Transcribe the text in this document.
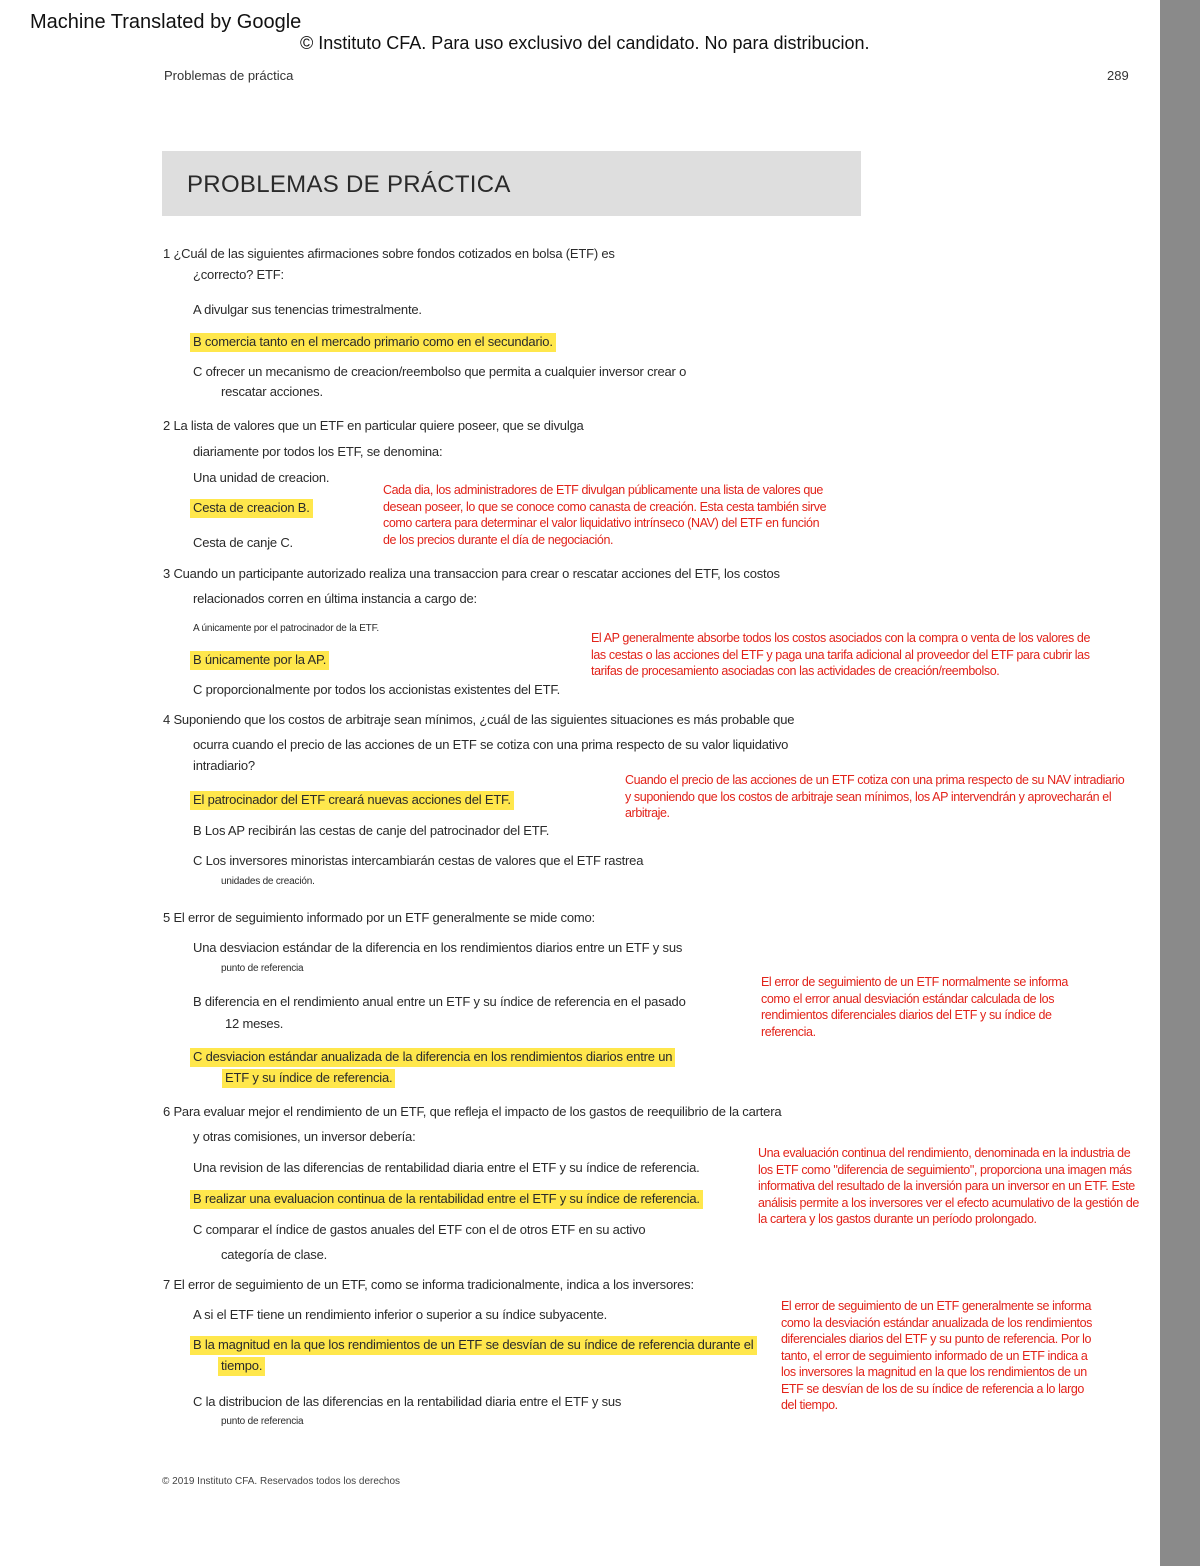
Machine Translated by Google
© Instituto CFA. Para uso exclusivo del candidato. No para distribucion.
Problemas de práctica	289
PROBLEMAS DE PRÁCTICA
1 ¿Cuál de las siguientes afirmaciones sobre fondos cotizados en bolsa (ETF) es
¿correcto? ETF:
A divulgar sus tenencias trimestralmente.
B comercia tanto en el mercado primario como en el secundario.
C ofrecer un mecanismo de creacion/reembolso que permita a cualquier inversor crear o
rescatar acciones.
2 La lista de valores que un ETF en particular quiere poseer, que se divulga
diariamente por todos los ETF, se denomina:
Una unidad de creacion.
Cesta de creacion B.
Cesta de canje C.
Cada dia, los administradores de ETF divulgan públicamente una lista de valores que desean poseer, lo que se conoce como canasta de creación. Esta cesta también sirve como cartera para determinar el valor liquidativo intrínseco (NAV) del ETF en función de los precios durante el día de negociación.
3 Cuando un participante autorizado realiza una transaccion para crear o rescatar acciones del ETF, los costos
relacionados corren en última instancia a cargo de:
A únicamente por el patrocinador de la ETF.
B únicamente por la AP.
C proporcionalmente por todos los accionistas existentes del ETF.
El AP generalmente absorbe todos los costos asociados con la compra o venta de los valores de las cestas o las acciones del ETF y paga una tarifa adicional al proveedor del ETF para cubrir las tarifas de procesamiento asociadas con las actividades de creación/reembolso.
4 Suponiendo que los costos de arbitraje sean mínimos, ¿cuál de las siguientes situaciones es más probable que
ocurra cuando el precio de las acciones de un ETF se cotiza con una prima respecto de su valor liquidativo
intradiario?
El patrocinador del ETF creará nuevas acciones del ETF.
B Los AP recibirán las cestas de canje del patrocinador del ETF.
C Los inversores minoristas intercambiarán cestas de valores que el ETF rastrea
unidades de creación.
Cuando el precio de las acciones de un ETF cotiza con una prima respecto de su NAV intradiario y suponiendo que los costos de arbitraje sean mínimos, los AP intervendrán y aprovecharán el arbitraje.
5 El error de seguimiento informado por un ETF generalmente se mide como:
Una desviacion estándar de la diferencia en los rendimientos diarios entre un ETF y sus
punto de referencia
B diferencia en el rendimiento anual entre un ETF y su índice de referencia en el pasado
12 meses.
C desviacion estándar anualizada de la diferencia en los rendimientos diarios entre un
ETF y su índice de referencia.
El error de seguimiento de un ETF normalmente se informa como el error anual desviación estándar calculada de los rendimientos diferenciales diarios del ETF y su índice de referencia.
6 Para evaluar mejor el rendimiento de un ETF, que refleja el impacto de los gastos de reequilibrio de la cartera
y otras comisiones, un inversor debería:
Una revision de las diferencias de rentabilidad diaria entre el ETF y su índice de referencia.
B realizar una evaluacion continua de la rentabilidad entre el ETF y su índice de referencia.
C comparar el índice de gastos anuales del ETF con el de otros ETF en su activo
categoría de clase.
Una evaluación continua del rendimiento, denominada en la industria de los ETF como "diferencia de seguimiento", proporciona una imagen más informativa del resultado de la inversión para un inversor en un ETF. Este análisis permite a los inversores ver el efecto acumulativo de la gestión de la cartera y los gastos durante un período prolongado.
7 El error de seguimiento de un ETF, como se informa tradicionalmente, indica a los inversores:
A si el ETF tiene un rendimiento inferior o superior a su índice subyacente.
B la magnitud en la que los rendimientos de un ETF se desvían de su índice de referencia durante el
tiempo.
C la distribucion de las diferencias en la rentabilidad diaria entre el ETF y sus
punto de referencia
El error de seguimiento de un ETF generalmente se informa como la desviación estándar anualizada de los rendimientos diferenciales diarios del ETF y su punto de referencia. Por lo tanto, el error de seguimiento informado de un ETF indica a los inversores la magnitud en la que los rendimientos de un ETF se desvían de los de su índice de referencia a lo largo del tiempo.
© 2019 Instituto CFA. Reservados todos los derechos
